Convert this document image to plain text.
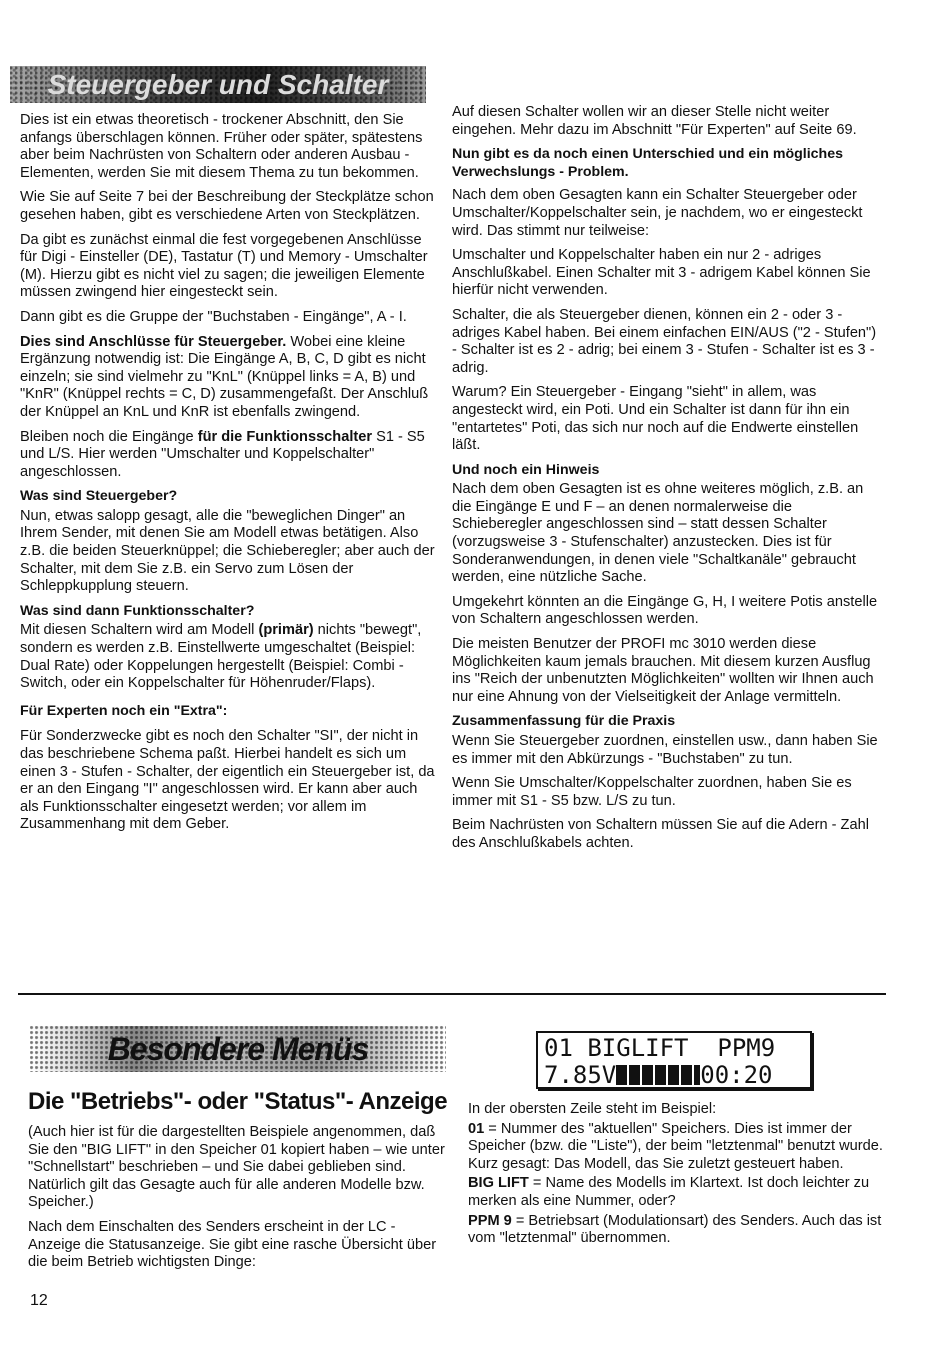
Steuergeber und Schalter

Dies ist ein etwas theoretisch - trockener Abschnitt, den Sie anfangs überschlagen können. Früher oder später, spätestens aber beim Nachrüsten von Schaltern oder anderen Ausbau - Elementen, werden Sie mit diesem Thema zu tun bekommen.

Wie Sie auf Seite 7 bei der Beschreibung der Steckplätze schon gesehen haben, gibt es verschiedene Arten von Steckplätzen.

Da gibt es zunächst einmal die fest vorgegebenen Anschlüsse für Digi - Einsteller (DE), Tastatur (T) und Memory - Umschalter (M). Hierzu gibt es nicht viel zu sagen; die jeweiligen Elemente müssen zwingend hier eingesteckt sein.

Dann gibt es die Gruppe der "Buchstaben - Eingänge", A - I.

Dies sind Anschlüsse für Steuergeber. Wobei eine kleine Ergänzung notwendig ist: Die Eingänge A, B, C, D gibt es nicht einzeln; sie sind vielmehr zu "KnL" (Knüppel links = A, B) und "KnR" (Knüppel rechts = C, D) zusammengefaßt. Der Anschluß der Knüppel an KnL und KnR ist ebenfalls zwingend.

Bleiben noch die Eingänge für die Funktionsschalter S1 - S5 und L/S. Hier werden "Umschalter und Koppelschalter" angeschlossen.

Was sind Steuergeber?

Nun, etwas salopp gesagt, alle die "beweglichen Dinger" an Ihrem Sender, mit denen Sie am Modell etwas betätigen. Also z.B. die beiden Steuerknüppel; die Schieberegler; aber auch der Schalter, mit dem Sie z.B. ein Servo zum Lösen der Schleppkupplung steuern.

Was sind dann Funktionsschalter?

Mit diesen Schaltern wird am Modell (primär) nichts "bewegt", sondern es werden z.B. Einstellwerte umgeschaltet (Beispiel: Dual Rate) oder Koppelungen hergestellt (Beispiel: Combi - Switch, oder ein Koppelschalter für Höhenruder/Flaps).

Für Experten noch ein "Extra":

Für Sonderzwecke gibt es noch den Schalter "SI", der nicht in das beschriebene Schema paßt. Hierbei handelt es sich um einen 3 - Stufen - Schalter, der eigentlich ein Steuergeber ist, da er an den Eingang "I" angeschlossen wird. Er kann aber auch als Funktionsschalter eingesetzt werden; vor allem im Zusammenhang mit dem Geber.

Auf diesen Schalter wollen wir an dieser Stelle nicht weiter eingehen. Mehr dazu im Abschnitt "Für Experten" auf Seite 69.

Nun gibt es da noch einen Unterschied und ein mögliches Verwechslungs - Problem.

Nach dem oben Gesagten kann ein Schalter Steuergeber oder Umschalter/Koppelschalter sein, je nachdem, wo er eingesteckt wird. Das stimmt nur teilweise:

Umschalter und Koppelschalter haben ein nur 2 - adriges Anschlußkabel. Einen Schalter mit 3 - adrigem Kabel können Sie hierfür nicht verwenden.

Schalter, die als Steuergeber dienen, können ein 2 - oder 3 - adriges Kabel haben. Bei einem einfachen EIN/AUS ("2 - Stufen") - Schalter ist es 2 - adrig; bei einem 3 - Stufen - Schalter ist es 3 - adrig.

Warum? Ein Steuergeber - Eingang "sieht" in allem, was angesteckt wird, ein Poti. Und ein Schalter ist dann für ihn ein "entartetes" Poti, das sich nur noch auf die Endwerte einstellen läßt.

Und noch ein Hinweis

Nach dem oben Gesagten ist es ohne weiteres möglich, z.B. an die Eingänge E und F – an denen normalerweise die Schieberegler angeschlossen sind – statt dessen Schalter (vorzugsweise 3 - Stufenschalter) anzustecken. Dies ist für Sonderanwendungen, in denen viele "Schaltkanäle" gebraucht werden, eine nützliche Sache.

Umgekehrt könnten an die Eingänge G, H, I weitere Potis anstelle von Schaltern angeschlossen werden.

Die meisten Benutzer der PROFI mc 3010 werden diese Möglichkeiten kaum jemals brauchen. Mit diesem kurzen Ausflug ins "Reich der unbenutzten Möglichkeiten" wollten wir Ihnen auch nur eine Ahnung von der Vielseitigkeit der Anlage vermitteln.

Zusammenfassung für die Praxis

Wenn Sie Steuergeber zuordnen, einstellen usw., dann haben Sie es immer mit den Abkürzungs - "Buchstaben" zu tun.

Wenn Sie Umschalter/Koppelschalter zuordnen, haben Sie es immer mit S1 - S5 bzw. L/S zu tun.

Beim Nachrüsten von Schaltern müssen Sie auf die Adern - Zahl des Anschlußkabels achten.

Besondere Menüs
Die "Betriebs"- oder "Status"- Anzeige

(Auch hier ist für die dargestellten Beispiele angenommen, daß Sie den "BIG LIFT" in den Speicher 01 kopiert haben – wie unter "Schnellstart" beschrieben – und Sie dabei geblieben sind. Natürlich gilt das Gesagte auch für alle anderen Modelle bzw. Speicher.)

Nach dem Einschalten des Senders erscheint in der LC - Anzeige die Statusanzeige. Sie gibt eine rasche Übersicht über die beim Betrieb wichtigsten Dinge:

01 BIGLIFT  PPM9
7.85V	00:20

In der obersten Zeile steht im Beispiel:

01 = Nummer des "aktuellen" Speichers. Dies ist immer der Speicher (bzw. die "Liste"), der beim "letztenmal" benutzt wurde. Kurz gesagt: Das Modell, das Sie zuletzt gesteuert haben.

BIG LIFT = Name des Modells im Klartext. Ist doch leichter zu merken als eine Nummer, oder?

PPM 9 = Betriebsart (Modulationsart) des Senders. Auch das ist vom "letztenmal" übernommen.

12
